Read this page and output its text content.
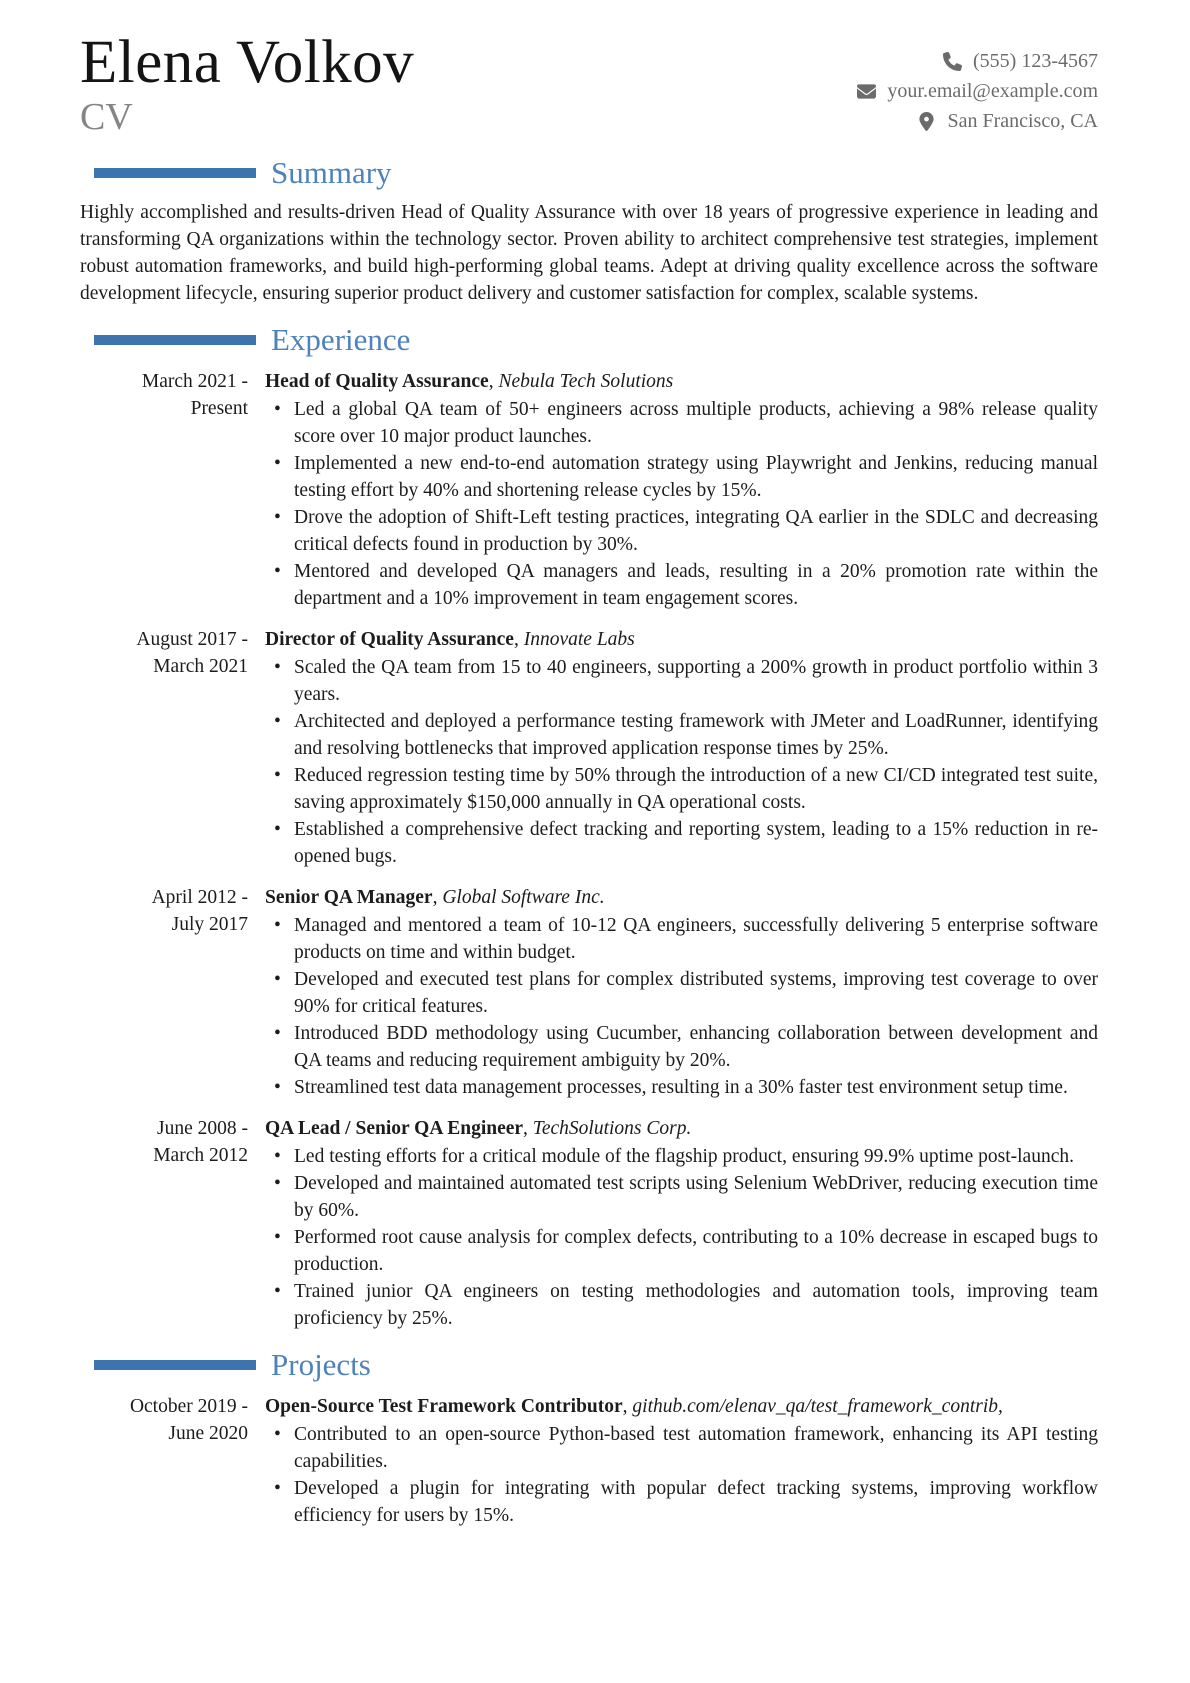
Elena Volkov
CV
(555) 123-4567
your.email@example.com
San Francisco, CA
Summary

Highly accomplished and results-driven Head of Quality Assurance with over 18 years of progressive experience in leading and transforming QA organizations within the technology sector. Proven ability to architect comprehensive test strategies, implement robust automation frameworks, and build high-performing global teams. Adept at driving quality excellence across the software development lifecycle, ensuring superior product delivery and customer satisfaction for complex, scalable systems.

Experience
March 2021 -
Present
Head of Quality Assurance, Nebula Tech Solutions
• Led a global QA team of 50+ engineers across multiple products, achieving a 98% release quality score over 10 major product launches.
• Implemented a new end-to-end automation strategy using Playwright and Jenkins, reducing manual testing effort by 40% and shortening release cycles by 15%.
• Drove the adoption of Shift-Left testing practices, integrating QA earlier in the SDLC and decreasing critical defects found in production by 30%.
• Mentored and developed QA managers and leads, resulting in a 20% promotion rate within the department and a 10% improvement in team engagement scores.
August 2017 -
March 2021
Director of Quality Assurance, Innovate Labs
• Scaled the QA team from 15 to 40 engineers, supporting a 200% growth in product portfolio within 3 years.
• Architected and deployed a performance testing framework with JMeter and LoadRunner, identifying and resolving bottlenecks that improved application response times by 25%.
• Reduced regression testing time by 50% through the introduction of a new CI/CD integrated test suite, saving approximately $150,000 annually in QA operational costs.
• Established a comprehensive defect tracking and reporting system, leading to a 15% reduction in re-opened bugs.
April 2012 -
July 2017
Senior QA Manager, Global Software Inc.
• Managed and mentored a team of 10-12 QA engineers, successfully delivering 5 enterprise software products on time and within budget.
• Developed and executed test plans for complex distributed systems, improving test coverage to over 90% for critical features.
• Introduced BDD methodology using Cucumber, enhancing collaboration between development and QA teams and reducing requirement ambiguity by 20%.
• Streamlined test data management processes, resulting in a 30% faster test environment setup time.
June 2008 -
March 2012
QA Lead / Senior QA Engineer, TechSolutions Corp.
• Led testing efforts for a critical module of the flagship product, ensuring 99.9% uptime post-launch.
• Developed and maintained automated test scripts using Selenium WebDriver, reducing execution time by 60%.
• Performed root cause analysis for complex defects, contributing to a 10% decrease in escaped bugs to production.
• Trained junior QA engineers on testing methodologies and automation tools, improving team proficiency by 25%.
Projects
October 2019 -
June 2020
Open-Source Test Framework Contributor, github.com/elenav_qa/test_framework_contrib,
• Contributed to an open-source Python-based test automation framework, enhancing its API testing capabilities.
• Developed a plugin for integrating with popular defect tracking systems, improving workflow efficiency for users by 15%.
